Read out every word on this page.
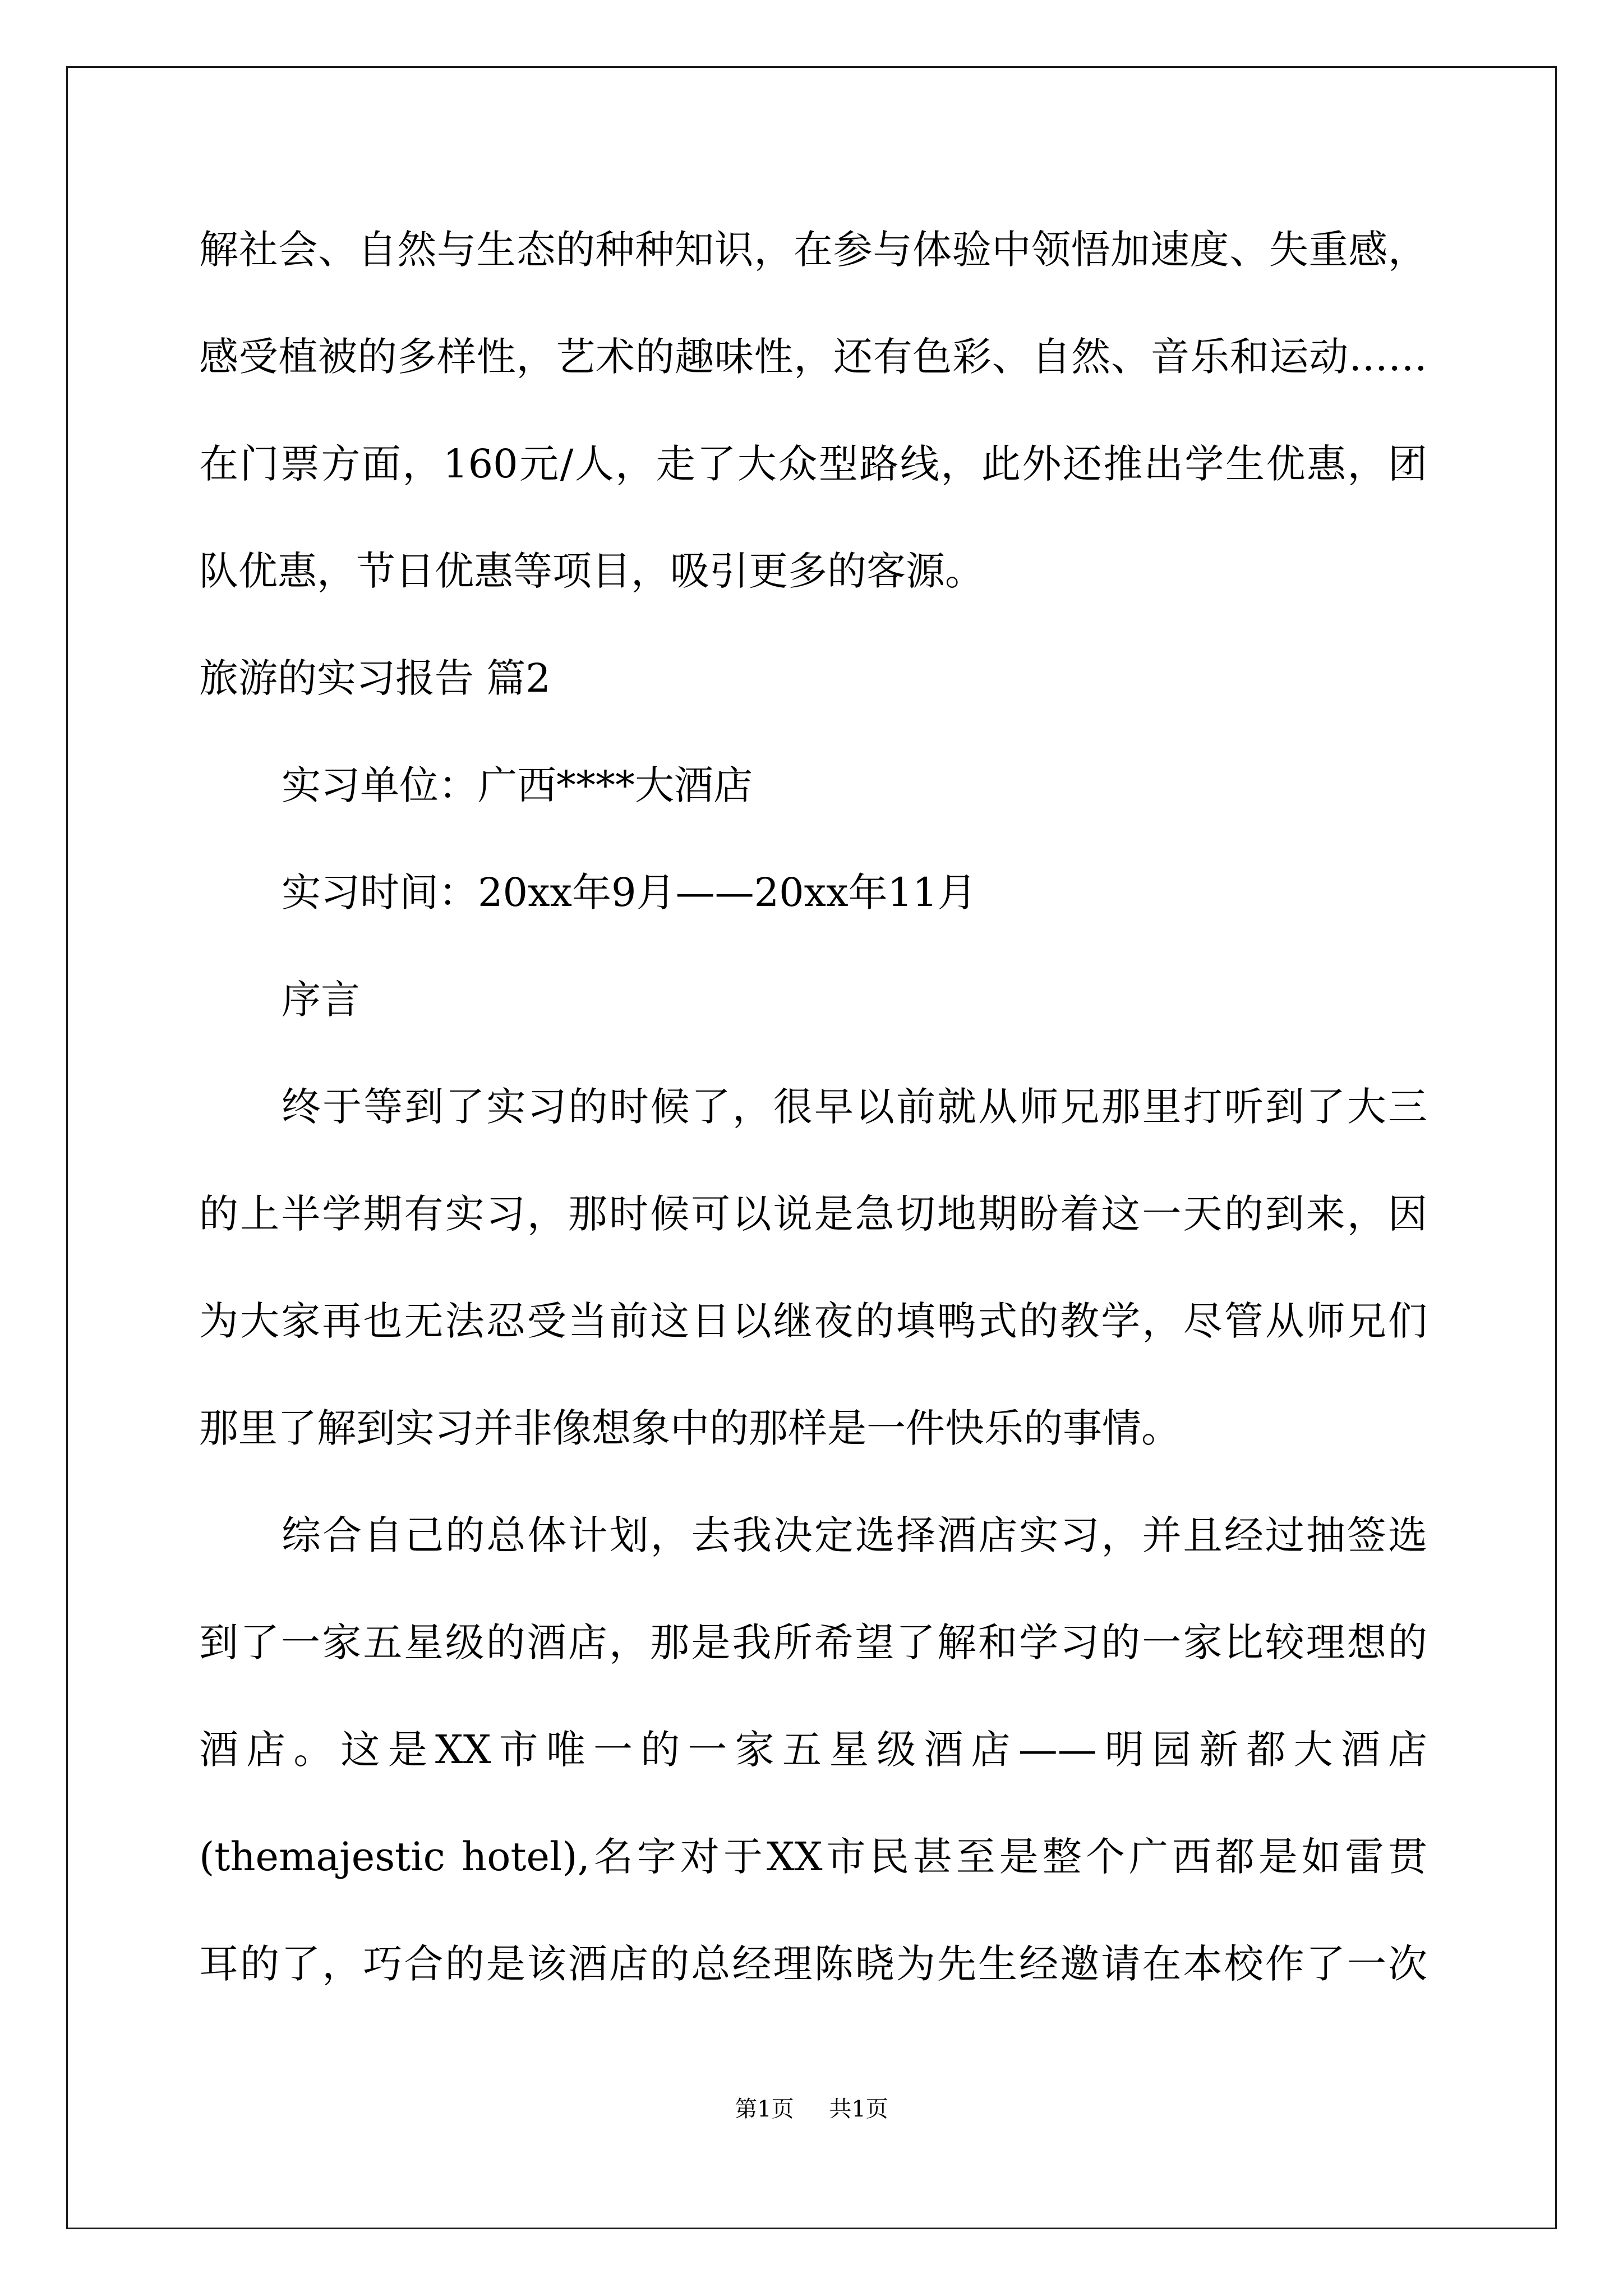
解社会、自然与生态的种种知识，在参与体验中领悟加速度、失重感，
感受植被的多样性，艺术的趣味性，还有色彩、自然、音乐和运动……
在门票方面，160元/人，走了大众型路线，此外还推出学生优惠，团
队优惠，节日优惠等项目，吸引更多的客源。
旅游的实习报告 篇2
实习单位：广西****大酒店
实习时间：20xx年9月——20xx年11月
序言
终于等到了实习的时候了，很早以前就从师兄那里打听到了大三
的上半学期有实习，那时候可以说是急切地期盼着这一天的到来，因
为大家再也无法忍受当前这日以继夜的填鸭式的教学，尽管从师兄们
那里了解到实习并非像想象中的那样是一件快乐的事情。
综合自己的总体计划，去我决定选择酒店实习，并且经过抽签选
到了一家五星级的酒店，那是我所希望了解和学习的一家比较理想的
酒店。这是XX市唯一的一家五星级酒店——明园新都大酒店
(themajestic hotel),名字对于XX市民甚至是整个广西都是如雷贯
耳的了，巧合的是该酒店的总经理陈晓为先生经邀请在本校作了一次
第1页 共1页
